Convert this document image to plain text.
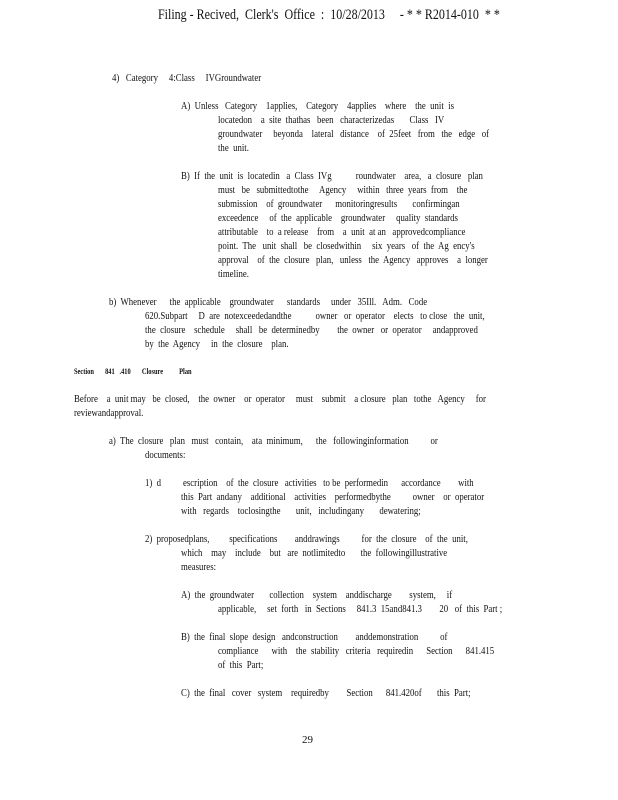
Filing - Recived,  Clerk's  Office  :  10/28/2013     - * * R2014-010  * *
4)   Category     4:Class     IVGroundwater
A)  Unless   Category    1applies,    Category    4applies    where    the  unit  is
locatedon    a  site  thathas   been   characterizedas       Class   IV
groundwater     beyonda    lateral   distance    of  25feet   from   the   edge   of
the  unit.
B)  If  the  unit  is  locatedin   a  Class  IVg           roundwater    area,   a  closure   plan
must   be   submittedtothe     Agency     within   three  years  from    the
submission    of  groundwater      monitoringresults       confirmingan
exceedence     of  the  applicable    groundwater     quality  standards
attributable    to  a release    from    a  unit  at an   approvedcompliance
point.  The   unit  shall   be  closedwithin     six  years   of  the  Ag  ency's
approval    of  the  closure   plan,   unless   the  Agency   approves    a  longer
timeline.
b)  Whenever      the  applicable    groundwater      standards     under   35Ill.   Adm.   Code
620.Subpart     D  are  notexceededandthe           owner   or  operator    elects   to close   the  unit,
the  closure    schedule     shall   be  determinedby        the  owner   or  operator     andapproved
by  the  Agency     in  the  closure    plan.
Section       841   .410       Closure          Plan
Before    a  unit may   be  closed,    the  owner    or  operator     must    submit    a closure   plan   tothe   Agency     for
reviewandapproval.
a)  The  closure   plan   must   contain,    ata  minimum,      the   followinginformation          or
documents:
1)  d          escription    of  the  closure   activities   to be  performedin      accordance        with
this  Part  andany    additional    activities    performedbythe          owner    or  operator
with   regards    toclosingthe       unit,   includingany       dewatering;
2)  proposedplans,         specifications        anddrawings          for  the  closure    of  the  unit,
which    may    include    but   are  notlimitedto       the  followingillustrative
measures:
A)  the  groundwater       collection    system    anddischarge        system,     if
applicable,     set  forth   in  Sections     841.3  15and841.3        20   of  this  Part ;
B)  the  final  slope  design   andconstruction        anddemonstration          of
compliance      with    the  stability   criteria   requiredin      Section      841.415
of  this  Part;
C)  the  final   cover   system    requiredby        Section      841.420of       this  Part;
29
